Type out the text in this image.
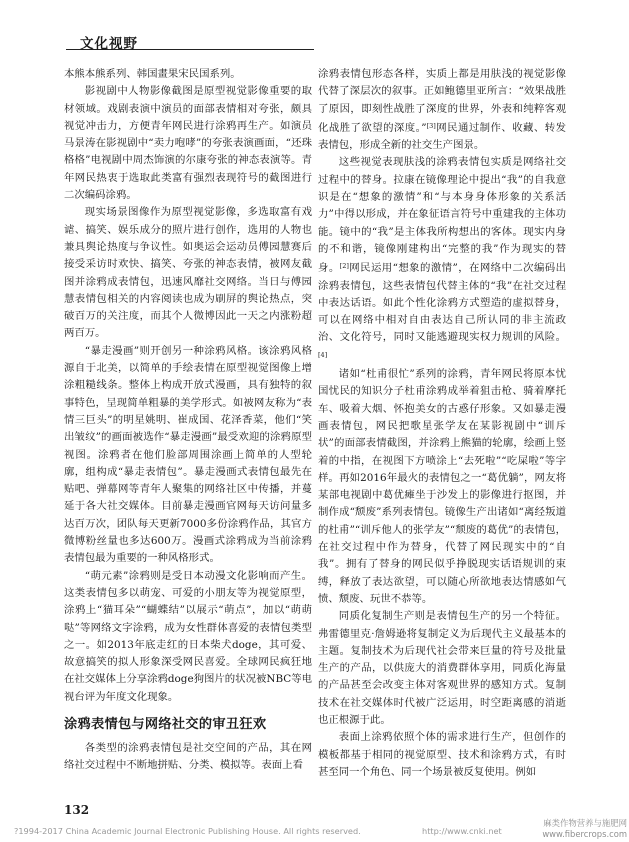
文化视野

本熊本熊系列、韩国畫果宋民国系列。

影视剧中人物影像截图是原型视觉影像重要的取材领域。戏剧表演中演员的面部表情相对夸张，颇具视觉冲击力，方便青年网民进行涂鸦再生产。如演员马景涛在影视剧中“卖力咆哮”的夸张表演画面，“还珠格格”电视剧中周杰饰演的尔康夸张的神态表演等。青年网民热衷于选取此类富有强烈表现符号的截图进行二次编码涂鸦。

现实场景图像作为原型视觉影像，多选取富有戏谑、搞笑、娱乐成分的照片进行创作，选用的人物也兼具舆论热度与争议性。如奥运会运动员傅园慧赛后接受采访时欢快、搞笑、夸张的神态表情，被网友截图并涂鸦成表情包，迅速风靡社交网络。当日与傅园慧表情包相关的内容阅读也成为刷屏的舆论热点，突破百万的关注度，而其个人微博因此一天之内涨粉超两百万。

“暴走漫画”则开创另一种涂鸦风格。该涂鸦风格源自于北美，以简单的手绘表情在原型视觉图像上增涂粗糙线条。整体上构成开放式漫画，具有独特的叙事特色，呈现简单粗暴的美学形式。如被网友称为“表情三巨头”的明星姚明、崔成国、花泽香菜，他们“笑出皱纹”的画面被选作“暴走漫画”最受欢迎的涂鸦原型视图。涂鸦者在他们脸部周围涂画上简单的人型轮廓，组构成“暴走表情包”。暴走漫画式表情包最先在贴吧、弹幕网等青年人聚集的网络社区中传播，并蔓延于各大社交媒体。目前暴走漫画官网每天访问量多达百万次，团队每天更新7000多份涂鸦作品，其官方微博粉丝量也多达600万。漫画式涂鸦成为当前涂鸦表情包最为重要的一种风格形式。

“萌元素”涂鸦则是受日本动漫文化影响而产生。这类表情包多以萌宠、可爱的小朋友等为视觉原型，涂鸦上“猫耳朵”“蝴蝶结”以展示“萌点”，加以“萌萌哒”等网络文字涂鸦，成为女性群体喜爱的表情包类型之一。如2013年底走红的日本柴犬doge，其可爱、故意搞笑的拟人形象深受网民喜爱。全球网民疯狂地在社交媒体上分享涂鸦doge狗图片的状况被NBC等电视台评为年度文化现象。

涂鸦表情包与网络社交的审丑狂欢

各类型的涂鸦表情包是社交空间的产品，其在网络社交过程中不断地拼贴、分类、模拟等。表面上看

涂鸦表情包形态各样，实质上都是用肤浅的视觉影像代替了深层次的叙事。正如鲍德里亚所言：“效果战胜了原因，即刻性战胜了深度的世界，外表和纯粹客观化战胜了欲望的深度。”[3]网民通过制作、收藏、转发表情包，形成全新的社交生产图景。

这些视觉表现肤浅的涂鸦表情包实质是网络社交过程中的替身。拉康在镜像理论中提出“我”的自我意识是在“想象的激情”和“与本身身体形象的关系活力”中得以形成，并在象征语言符号中重建我的主体功能。镜中的“我”是主体我所构想出的客体。现实内身的不和谐，镜像刚建构出“完整的我”作为现实的替身。[2]网民运用“想象的激情”，在网络中二次编码出涂鸦表情包，这些表情包代替主体的“我”在社交过程中表达话语。如此个性化涂鸦方式塑造的虚拟替身，可以在网络中相对自由表达自己所认同的非主流政治、文化符号，同时又能逃避现实权力规训的风险。[4]

诸如“杜甫很忙”系列的涂鸦，青年网民将原本忧国忧民的知识分子杜甫涂鸦成举着狙击枪、骑着摩托车、吸着大烟、怀抱美女的古惑仔形象。又如暴走漫画表情包，网民把歌星张学友在某影视剧中“训斥状”的面部表情截图，并涂鸦上熊猫的轮廓，绘画上竖着的中指，在视图下方喷涂上“去死啦”“吃屎啦”等字样。再如2016年最火的表情包之一“葛优躺”，网友将某部电视剧中葛优瘫坐于沙发上的影像进行抠图，并制作成“颓废”系列表情包。镜像生产出诸如“离经叛道的杜甫”“训斥他人的张学友”“颓废的葛优”的表情包，在社交过程中作为替身，代替了网民现实中的“自我”。拥有了替身的网民似乎挣脱现实话语规训的束缚，释放了表达欲望，可以随心所欲地表达情感如气愤、颓废、玩世不恭等。

同质化复制生产则是表情包生产的另一个特征。弗雷德里克·詹姆逊将复制定义为后现代主义最基本的主题。复制技术为后现代社会带来巨量的符号及批量生产的产品，以供庞大的消费群体享用，同质化海量的产品甚至会改变主体对客观世界的感知方式。复制技术在社交媒体时代被广泛运用，时空距离感的消逝也正根源于此。

表面上涂鸦依照个体的需求进行生产，但创作的模板都基于相同的视觉原型、技术和涂鸦方式，有时甚至同一个角色、同一个场景被反复使用。例如

132
?1994-2017 China Academic Journal Electronic Publishing House. All rights reserved.	http://www.cnki.net
麻类作物营养与施肥网
www.fibercrops.com
